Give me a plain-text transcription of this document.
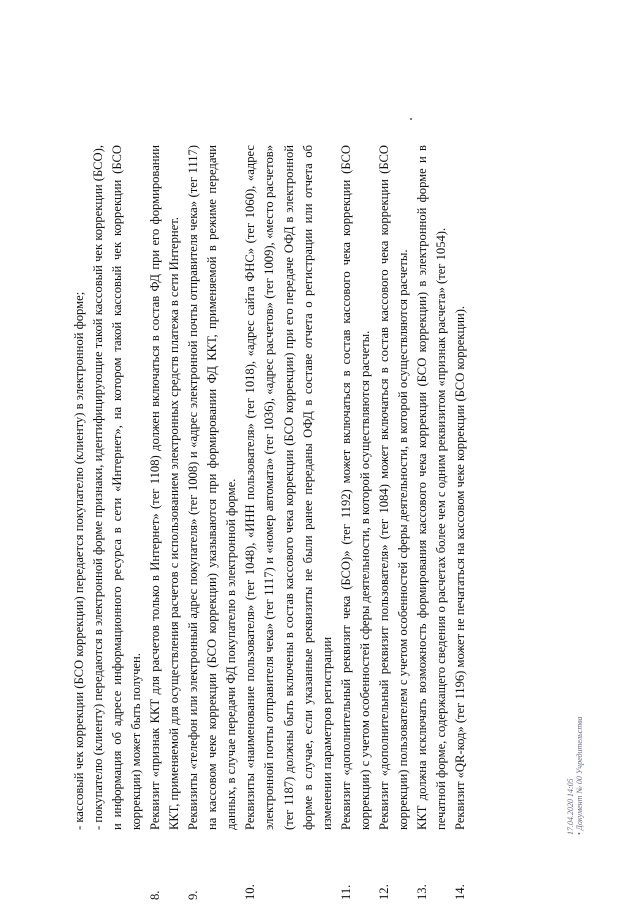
- кассовый чек коррекции (БСО коррекции) передается покупателю (клиенту) в электронной форме; - покупателю (клиенту) передаются в электронной форме признаки, идентифицирующие такой кассовый чек коррекции (БСО), и информация об адресе информационного ресурса в сети «Интернет», на котором такой кассовый чек коррекции (БСО коррекции) может быть получен.

8.

Реквизит «признак ККТ для расчетов только в Интернет» (тег 1108) должен включаться в состав ФД при его формировании ККТ, применяемой для осуществления расчетов с использованием электронных средств платежа в сети Интернет.

9.

Реквизиты «телефон или электронный адрес покупателя» (тег 1008) и «адрес электронной почты отправителя чека» (тег 1117) на кассовом чеке коррекции (БСО коррекции) указываются при формировании ФД ККТ, применяемой в режиме передачи данных, в случае передачи ФД покупателю в электронной форме.

10.

Реквизиты «наименование пользователя» (тег 1048), «ИНН пользователя» (тег 1018), «адрес сайта ФНС» (тег 1060), «адрес электронной почты отправителя чека» (тег 1117) и «номер автомата» (тег 1036), «адрес расчетов» (тег 1009), «место расчетов» (тег 1187) должны быть включены в состав кассового чека коррекции (БСО коррекции) при его передаче ОФД в электронной форме в случае, если указанные реквизиты не были ранее переданы ОФД в составе отчета о регистрации или отчета об изменении параметров регистрации

11.

Реквизит «дополнительный реквизит чека (БСО)» (тег 1192) может включаться в состав кассового чека коррекции (БСО коррекции) с учетом особенностей сферы деятельности, в которой осуществляются расчеты.

12.

Реквизит «дополнительный реквизит пользователя» (тег 1084) может включаться в состав кассового чека коррекции (БСО коррекции) пользователем с учетом особенностей сферы деятельности, в которой осуществляются расчеты.

13.

ККТ должна исключать возможность формирования кассового чека коррекции (БСО коррекции) в электронной форме и в печатной форме, содержащего сведения о расчетах более чем с одним реквизитом «признак расчета» (тег 1054).

14.

Реквизит «QR-код» (тег 1196) может не печататься на кассовом чеке коррекции (БСО коррекции).	17.04.2020 14:05 • Документ № 00 Учредительства
